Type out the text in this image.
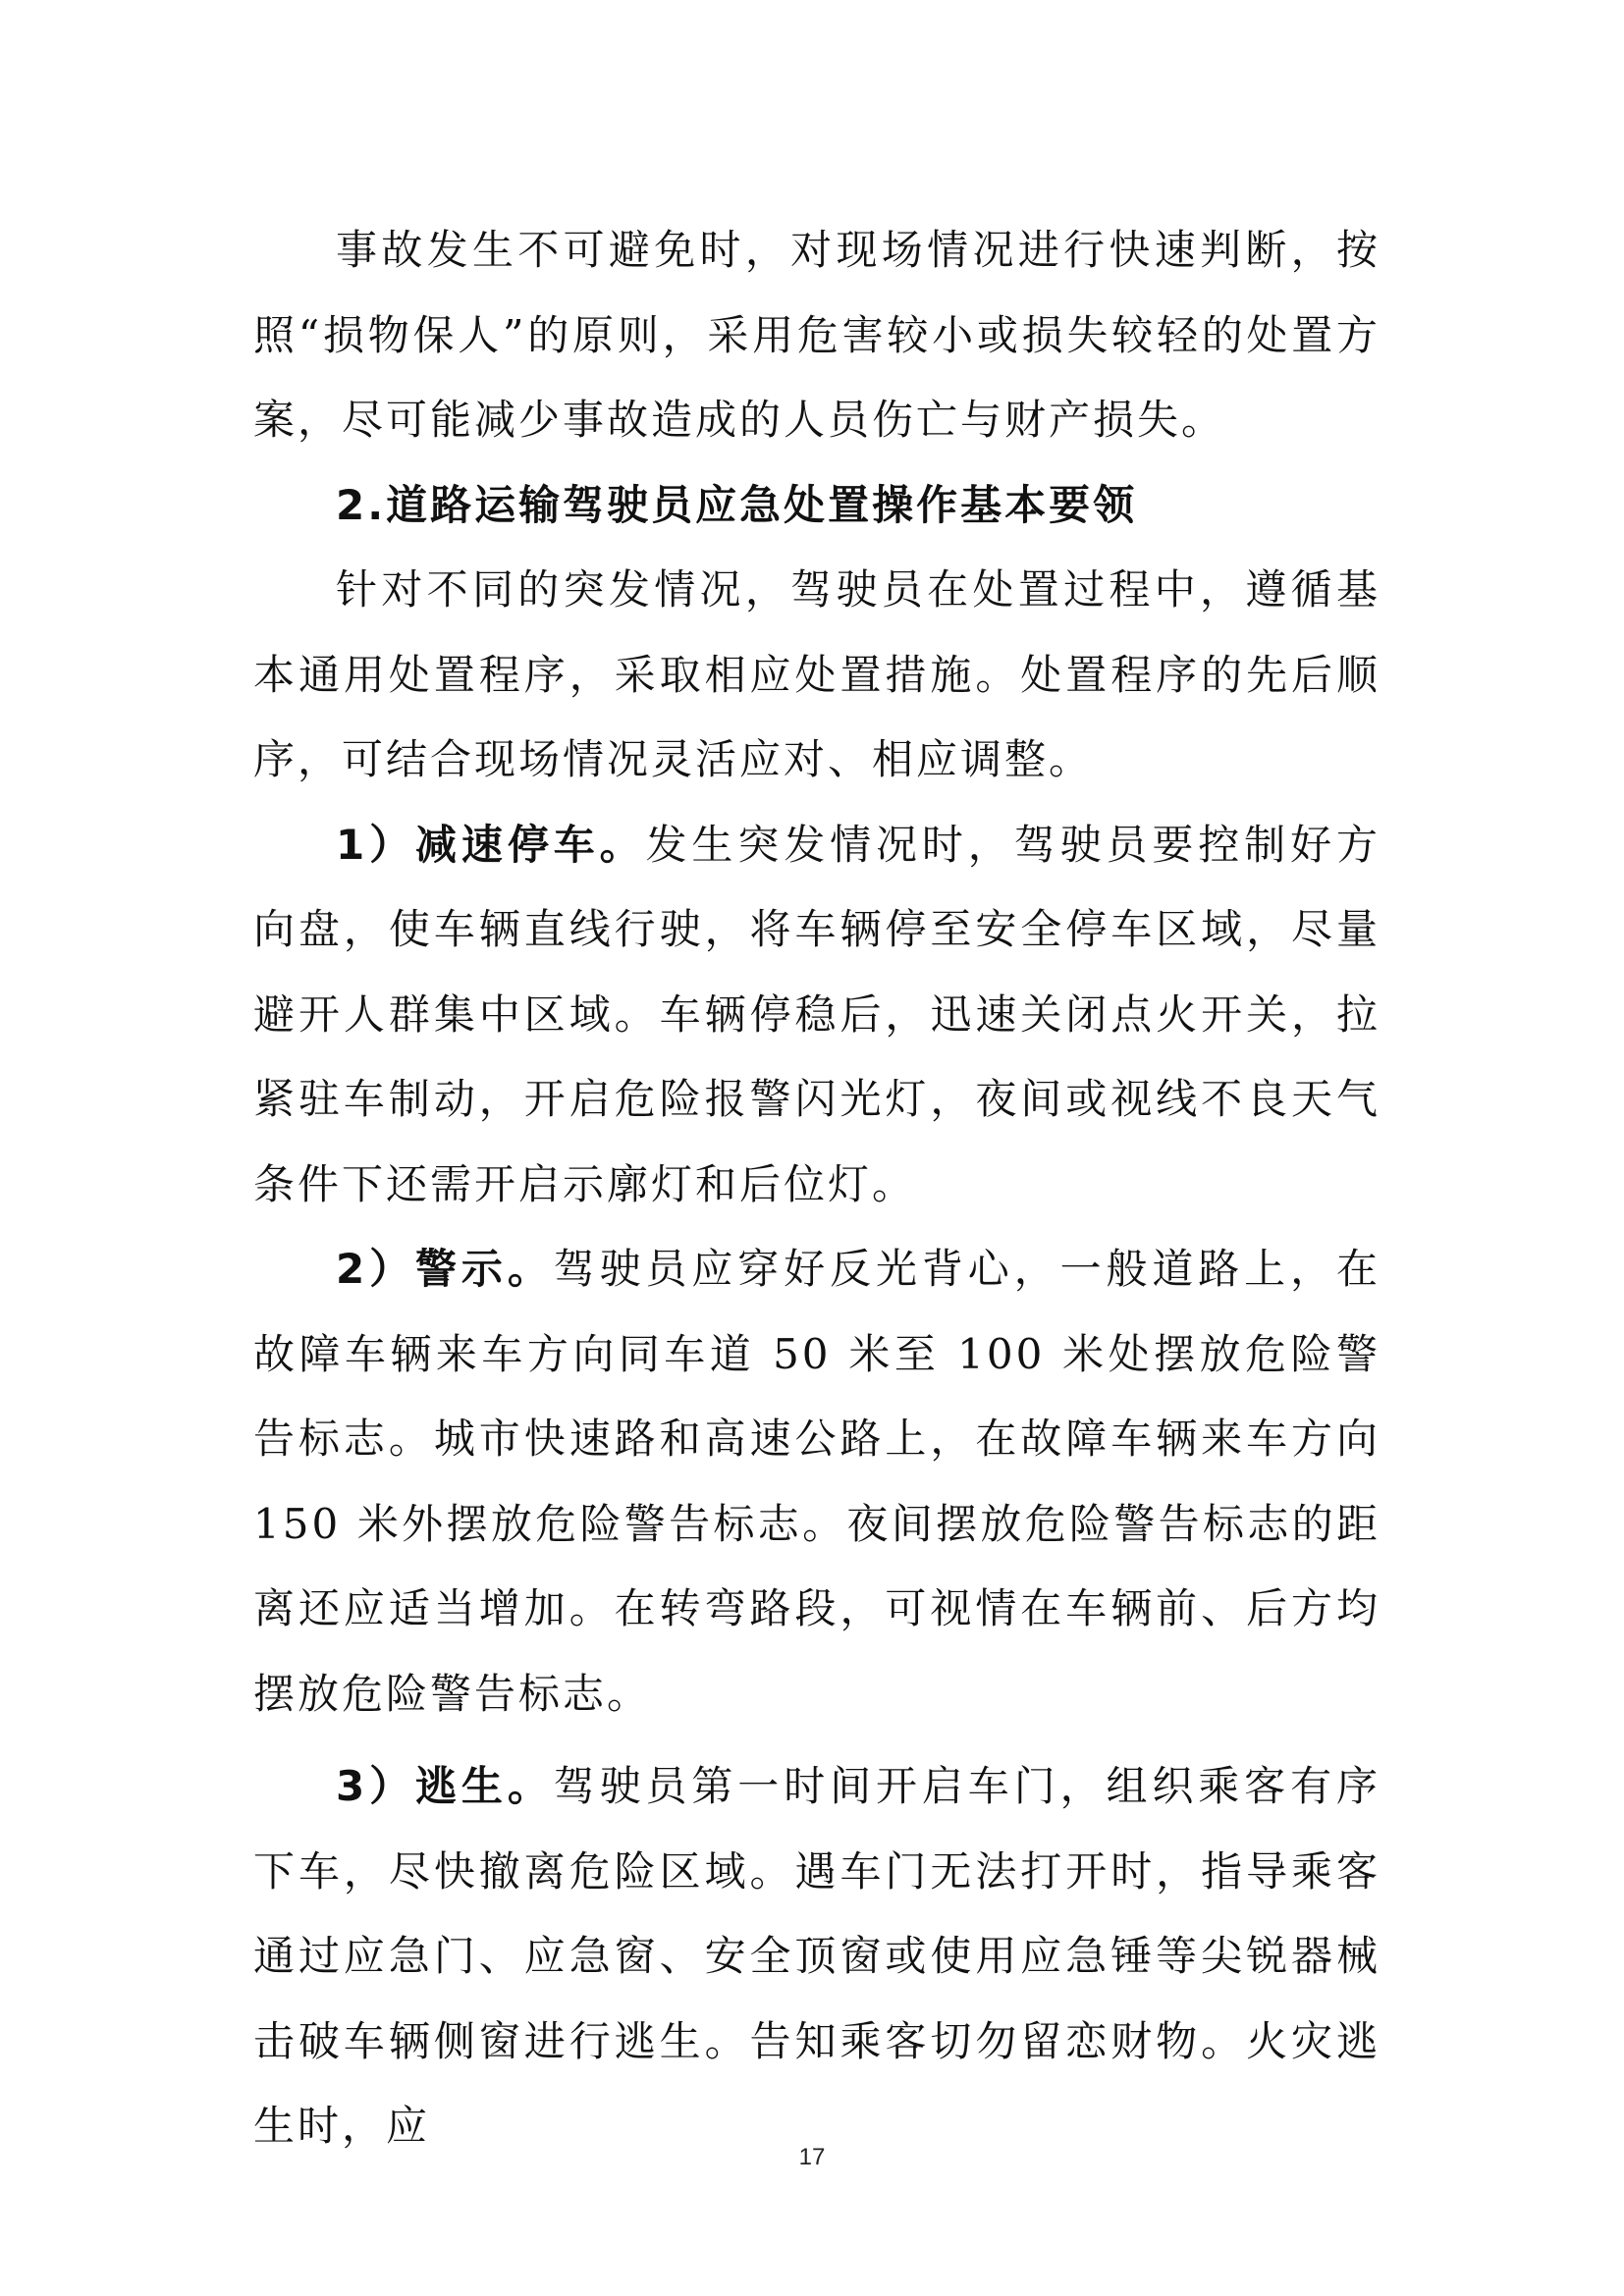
事故发生不可避免时，对现场情况进行快速判断，按照“损物保人”的原则，采用危害较小或损失较轻的处置方案，尽可能减少事故造成的人员伤亡与财产损失。

2.道路运输驾驶员应急处置操作基本要领

针对不同的突发情况，驾驶员在处置过程中，遵循基本通用处置程序，采取相应处置措施。处置程序的先后顺序，可结合现场情况灵活应对、相应调整。

1）减速停车。发生突发情况时，驾驶员要控制好方向盘，使车辆直线行驶，将车辆停至安全停车区域，尽量避开人群集中区域。车辆停稳后，迅速关闭点火开关，拉紧驻车制动，开启危险报警闪光灯，夜间或视线不良天气条件下还需开启示廓灯和后位灯。

2）警示。驾驶员应穿好反光背心，一般道路上，在故障车辆来车方向同车道 50 米至 100 米处摆放危险警告标志。城市快速路和高速公路上，在故障车辆来车方向 150 米外摆放危险警告标志。夜间摆放危险警告标志的距离还应适当增加。在转弯路段，可视情在车辆前、后方均摆放危险警告标志。

3）逃生。驾驶员第一时间开启车门，组织乘客有序下车，尽快撤离危险区域。遇车门无法打开时，指导乘客通过应急门、应急窗、安全顶窗或使用应急锤等尖锐器械击破车辆侧窗进行逃生。告知乘客切勿留恋财物。火灾逃生时，应

17
